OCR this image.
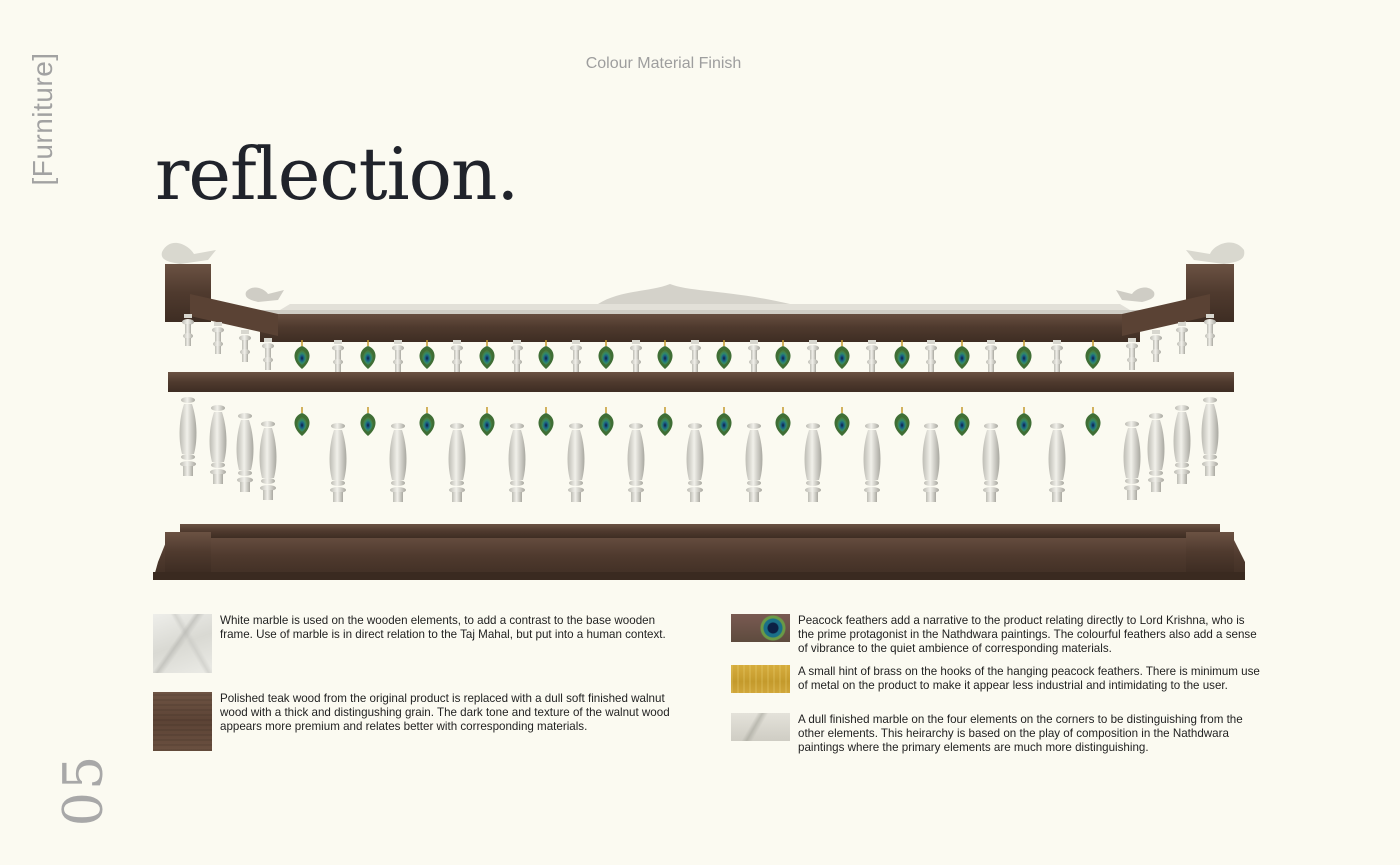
[Furniture]	Colour Material Finish
reflection.
White marble is used on the wooden elements, to add a contrast to the base wooden frame. Use of marble is in direct relation to the Taj Mahal, but put into a human context.
Polished teak wood from the original product is replaced with a dull soft finished walnut wood with a thick and distingushing grain. The dark tone and texture of the walnut wood appears more premium and relates better with corresponding materials.
Peacock feathers add a narrative to the product relating directly to Lord Krishna, who is the prime protagonist in the Nathdwara paintings. The colourful feathers also add a sense of vibrance to the quiet ambience of corresponding materials.
A small hint of brass on the hooks of the hanging peacock feathers. There is minimum use of metal on the product to make it appear less industrial and intimidating to the user.
A dull finished marble on the four elements on the corners to be distinguishing from the other elements. This heirarchy is based on the play of composition in the Nathdwara paintings where the primary elements are much more distinguishing.
05
